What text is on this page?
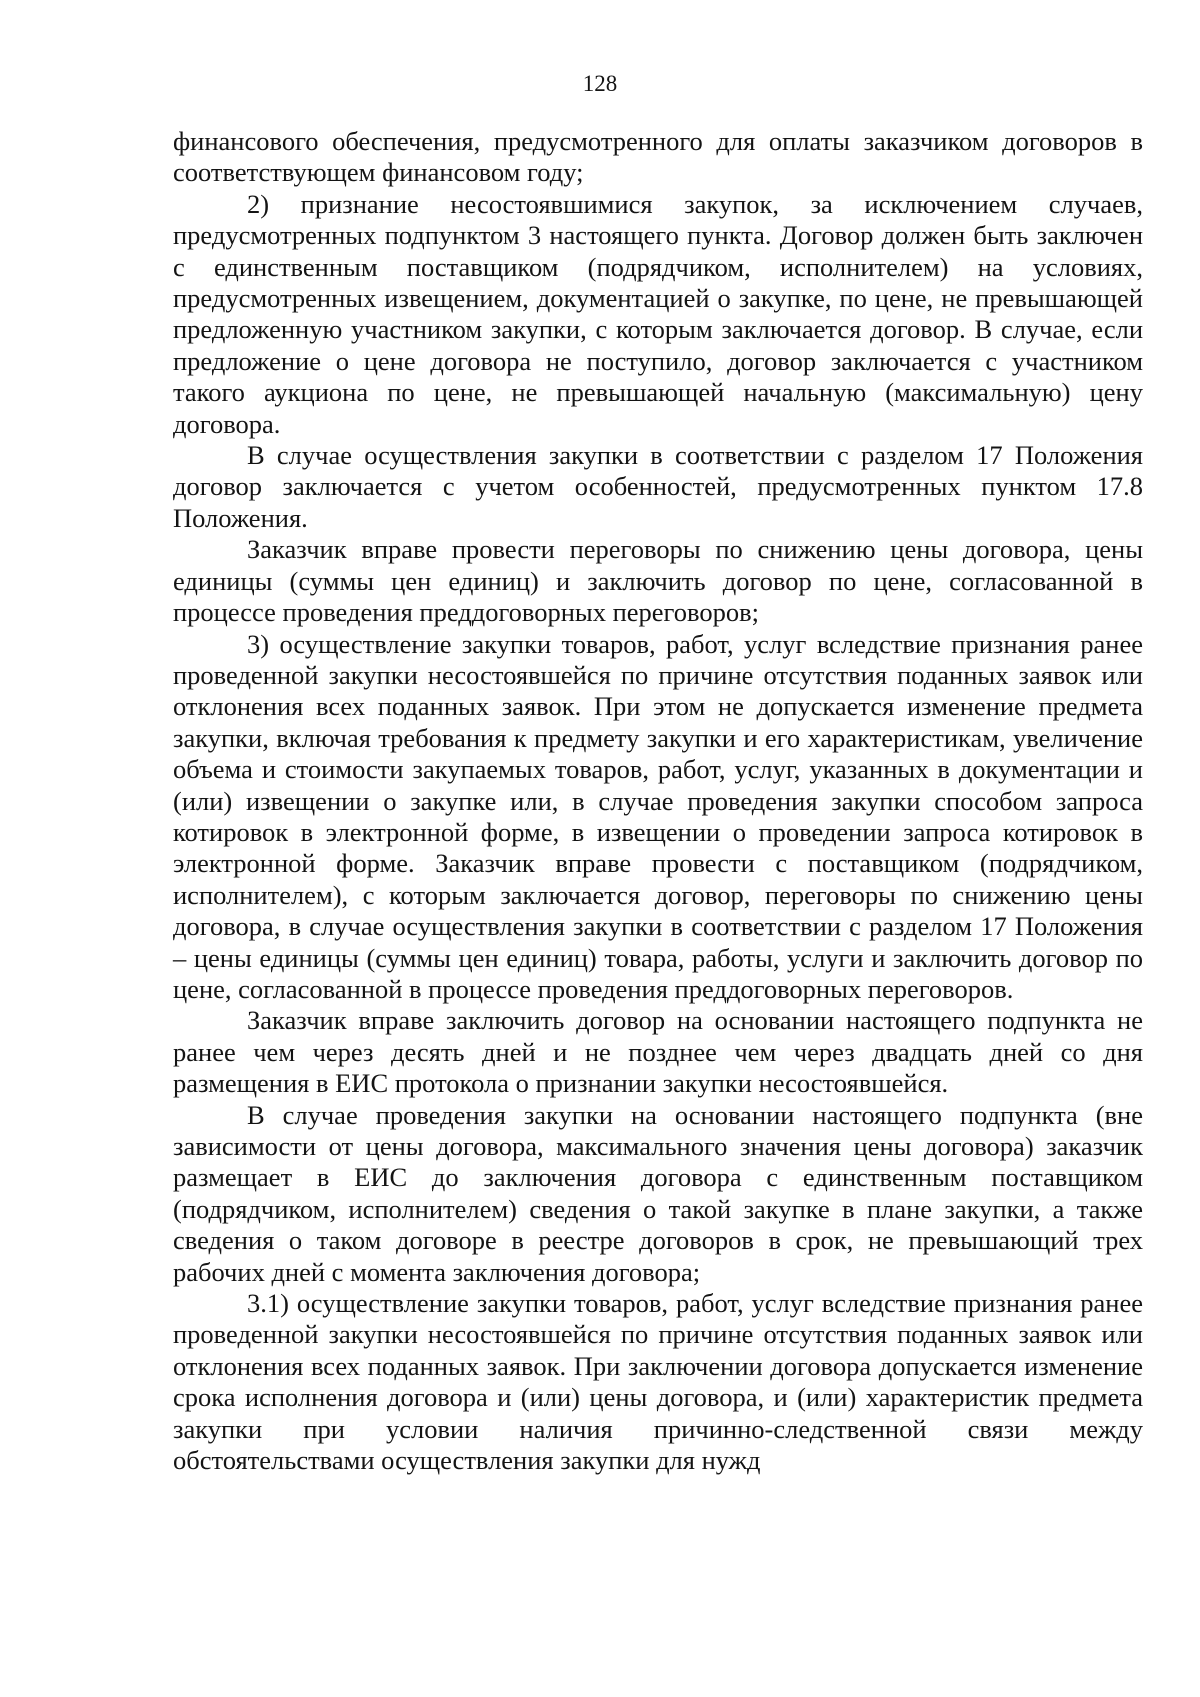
128

финансового обеспечения, предусмотренного для оплаты заказчиком договоров в соответствующем финансовом году;

2) признание несостоявшимися закупок, за исключением случаев, предусмотренных подпунктом 3 настоящего пункта. Договор должен быть заключен с единственным поставщиком (подрядчиком, исполнителем) на условиях, предусмотренных извещением, документацией о закупке, по цене, не превышающей предложенную участником закупки, с которым заключается договор. В случае, если предложение о цене договора не поступило, договор заключается с участником такого аукциона по цене, не превышающей начальную (максимальную) цену договора.

В случае осуществления закупки в соответствии с разделом 17 Положения договор заключается с учетом особенностей, предусмотренных пунктом 17.8 Положения.

Заказчик вправе провести переговоры по снижению цены договора, цены единицы (суммы цен единиц) и заключить договор по цене, согласованной в процессе проведения преддоговорных переговоров;

3) осуществление закупки товаров, работ, услуг вследствие признания ранее проведенной закупки несостоявшейся по причине отсутствия поданных заявок или отклонения всех поданных заявок. При этом не допускается изменение предмета закупки, включая требования к предмету закупки и его характеристикам, увеличение объема и стоимости закупаемых товаров, работ, услуг, указанных в документации и (или) извещении о закупке или, в случае проведения закупки способом запроса котировок в электронной форме, в извещении о проведении запроса котировок в электронной форме. Заказчик вправе провести с поставщиком (подрядчиком, исполнителем), с которым заключается договор, переговоры по снижению цены договора, в случае осуществления закупки в соответствии с разделом 17 Положения – цены единицы (суммы цен единиц) товара, работы, услуги и заключить договор по цене, согласованной в процессе проведения преддоговорных переговоров.

Заказчик вправе заключить договор на основании настоящего подпункта не ранее чем через десять дней и не позднее чем через двадцать дней со дня размещения в ЕИС протокола о признании закупки несостоявшейся.

В случае проведения закупки на основании настоящего подпункта (вне зависимости от цены договора, максимального значения цены договора) заказчик размещает в ЕИС до заключения договора с единственным поставщиком (подрядчиком, исполнителем) сведения о такой закупке в плане закупки, а также сведения о таком договоре в реестре договоров в срок, не превышающий трех рабочих дней с момента заключения договора;

3.1) осуществление закупки товаров, работ, услуг вследствие признания ранее проведенной закупки несостоявшейся по причине отсутствия поданных заявок или отклонения всех поданных заявок. При заключении договора допускается изменение срока исполнения договора и (или) цены договора, и (или) характеристик предмета закупки при условии наличия причинно-следственной связи между обстоятельствами осуществления закупки для нужд
